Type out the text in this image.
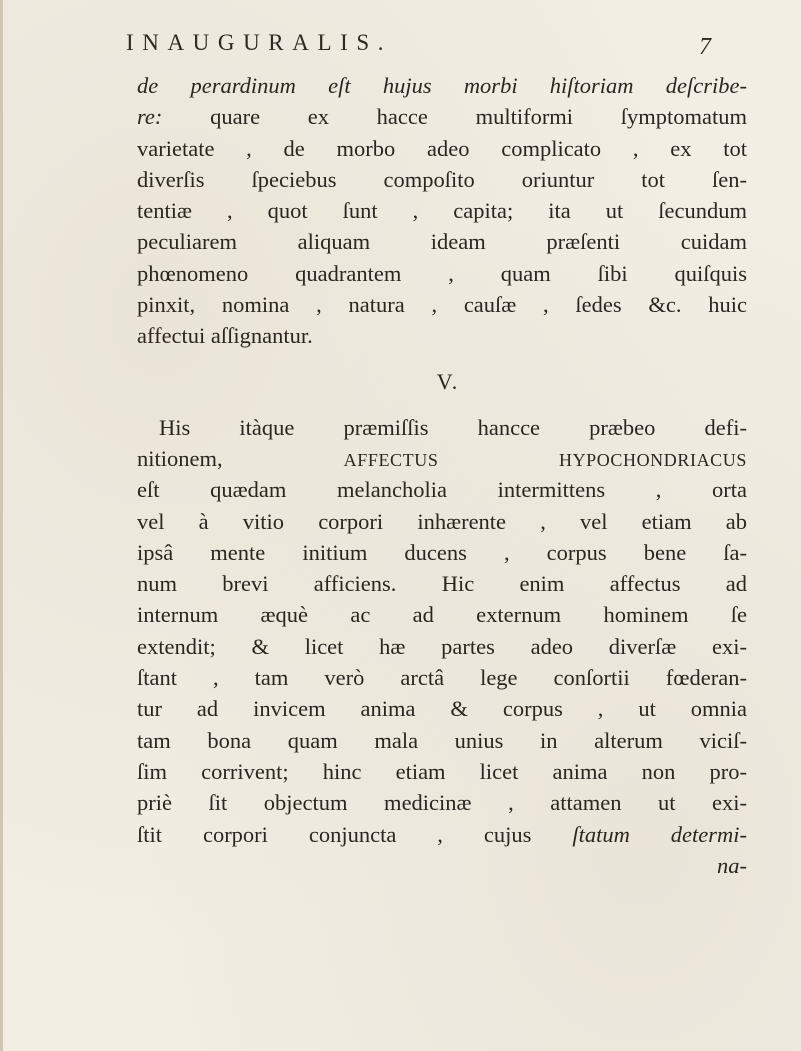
INAUGURALIS.	7
de perardinum eſt hujus morbi hiſtoriam deſcribe-
re: quare ex hacce multiformi ſymptomatum
varietate , de morbo adeo complicato , ex tot
diverſis ſpeciebus compoſito oriuntur tot ſen-
tentiæ , quot ſunt , capita; ita ut ſecundum
peculiarem aliquam ideam præſenti cuidam
phœnomeno quadrantem , quam ſibi quiſquis
pinxit, nomina , natura , cauſæ , ſedes &c. huic
affectui aſſignantur.
V.
His itàque præmiſſis hancce præbeo defi-
nitionem, AFFECTUS HYPOCHONDRIACUS
eſt quædam melancholia intermittens , orta
vel à vitio corpori inhærente , vel etiam ab
ipsâ mente initium ducens , corpus bene ſa-
num brevi afficiens. Hic enim affectus ad
internum æquè ac ad externum hominem ſe
extendit; & licet hæ partes adeo diverſæ exi-
ſtant , tam verò arctâ lege conſortii fœderan-
tur ad invicem anima & corpus , ut omnia
tam bona quam mala unius in alterum viciſ-
ſim corrivent; hinc etiam licet anima non pro-
priè ſit objectum medicinæ , attamen ut exi-
ſtit corpori conjuncta , cujus ſtatum determi-
na-
